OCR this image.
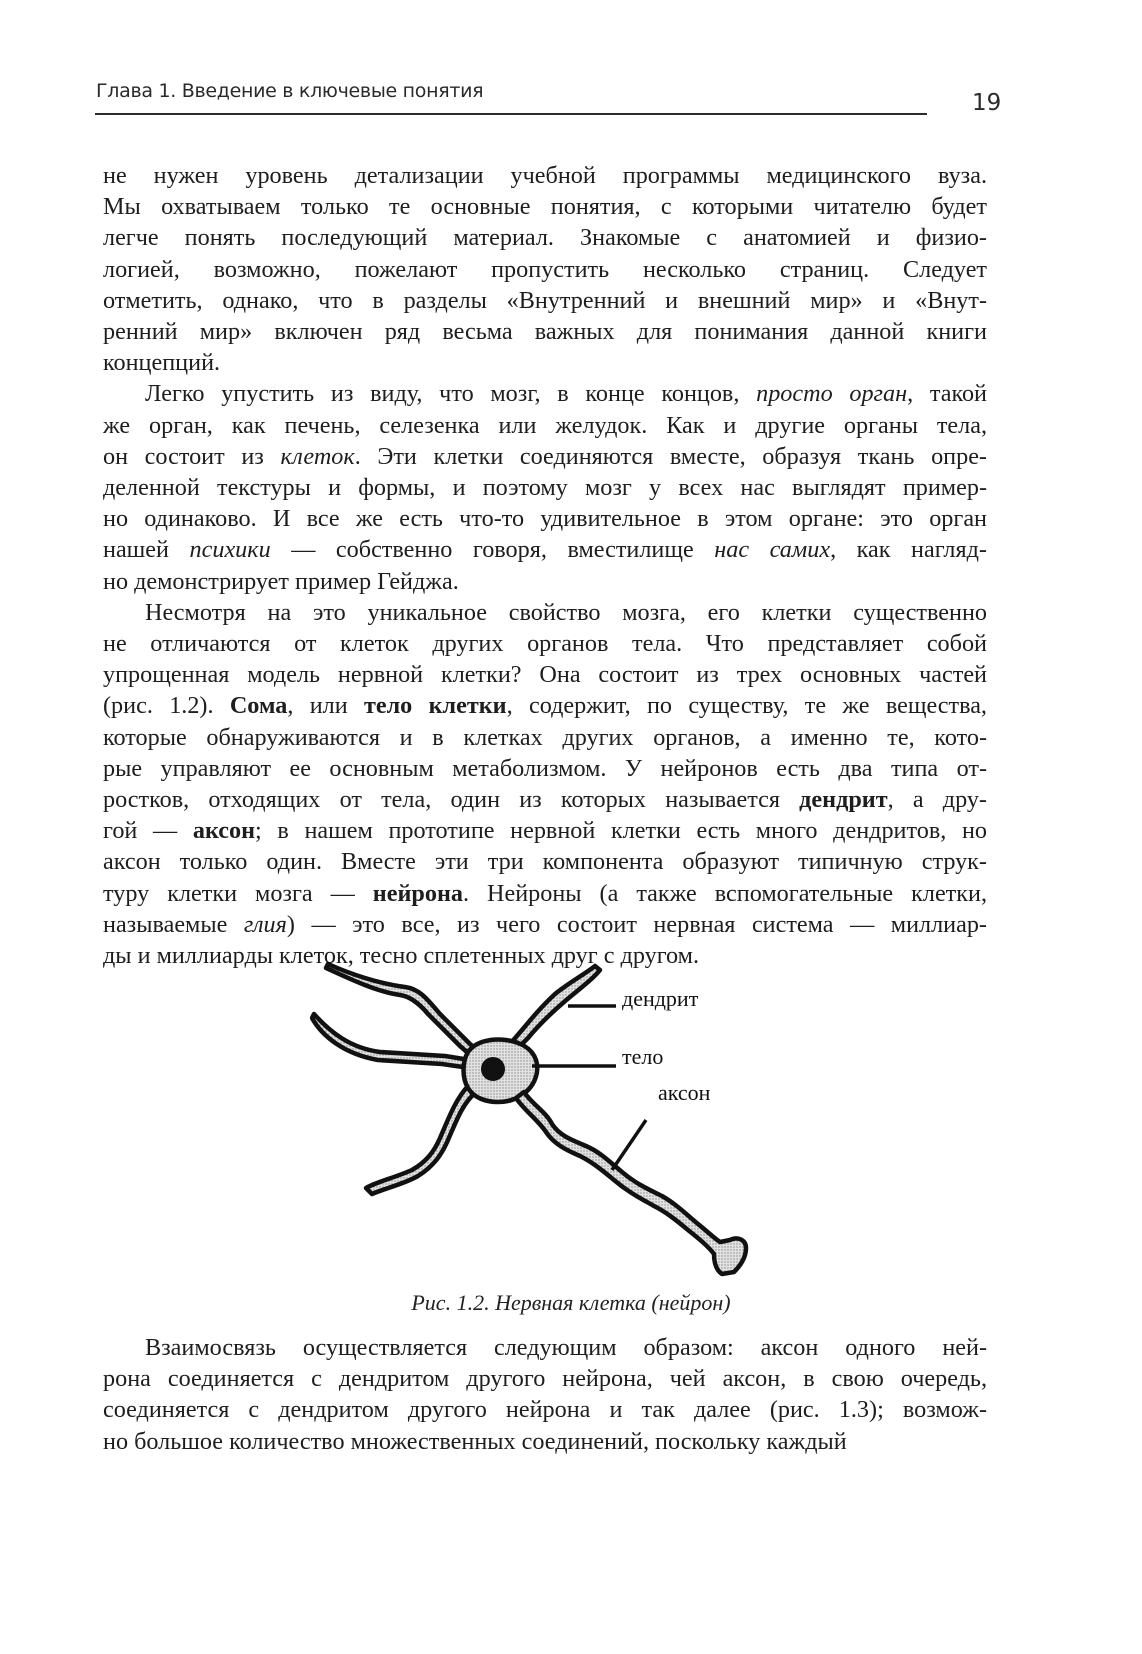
Глава 1. Введение в ключевые понятия	19

не нужен уровень детализации учебной программы медицинского вуза.
Мы охватываем только те основные понятия, с которыми читателю будет
легче понять последующий материал. Знакомые с анатомией и физио-
логией, возможно, пожелают пропустить несколько страниц. Следует
отметить, однако, что в разделы «Внутренний и внешний мир» и «Внут-
ренний мир» включен ряд весьма важных для понимания данной книги
концепций.

Легко упустить из виду, что мозг, в конце концов, просто орган, такой
же орган, как печень, селезенка или желудок. Как и другие органы тела,
он состоит из клеток. Эти клетки соединяются вместе, образуя ткань опре-
деленной текстуры и формы, и поэтому мозг у всех нас выглядят пример-
но одинаково. И все же есть что-то удивительное в этом органе: это орган
нашей психики — собственно говоря, вместилище нас самих, как нагляд-
но демонстрирует пример Гейджа.

Несмотря на это уникальное свойство мозга, его клетки существенно
не отличаются от клеток других органов тела. Что представляет собой
упрощенная модель нервной клетки? Она состоит из трех основных частей
(рис. 1.2). Сома, или тело клетки, содержит, по существу, те же вещества,
которые обнаруживаются и в клетках других органов, а именно те, кото-
рые управляют ее основным метаболизмом. У нейронов есть два типа от-
ростков, отходящих от тела, один из которых называется дендрит, а дру-
гой — аксон; в нашем прототипе нервной клетки есть много дендритов, но
аксон только один. Вместе эти три компонента образуют типичную струк-
туру клетки мозга — нейрона. Нейроны (а также вспомогательные клетки,
называемые глия) — это все, из чего состоит нервная система — миллиар-
ды и миллиарды клеток, тесно сплетенных друг с другом.

дендрит
тело
аксон
Рис. 1.2. Нервная клетка (нейрон)

Взаимосвязь осуществляется следующим образом: аксон одного ней-
рона соединяется с дендритом другого нейрона, чей аксон, в свою очередь,
соединяется с дендритом другого нейрона и так далее (рис. 1.3); возмож-
но большое количество множественных соединений, поскольку каждый
